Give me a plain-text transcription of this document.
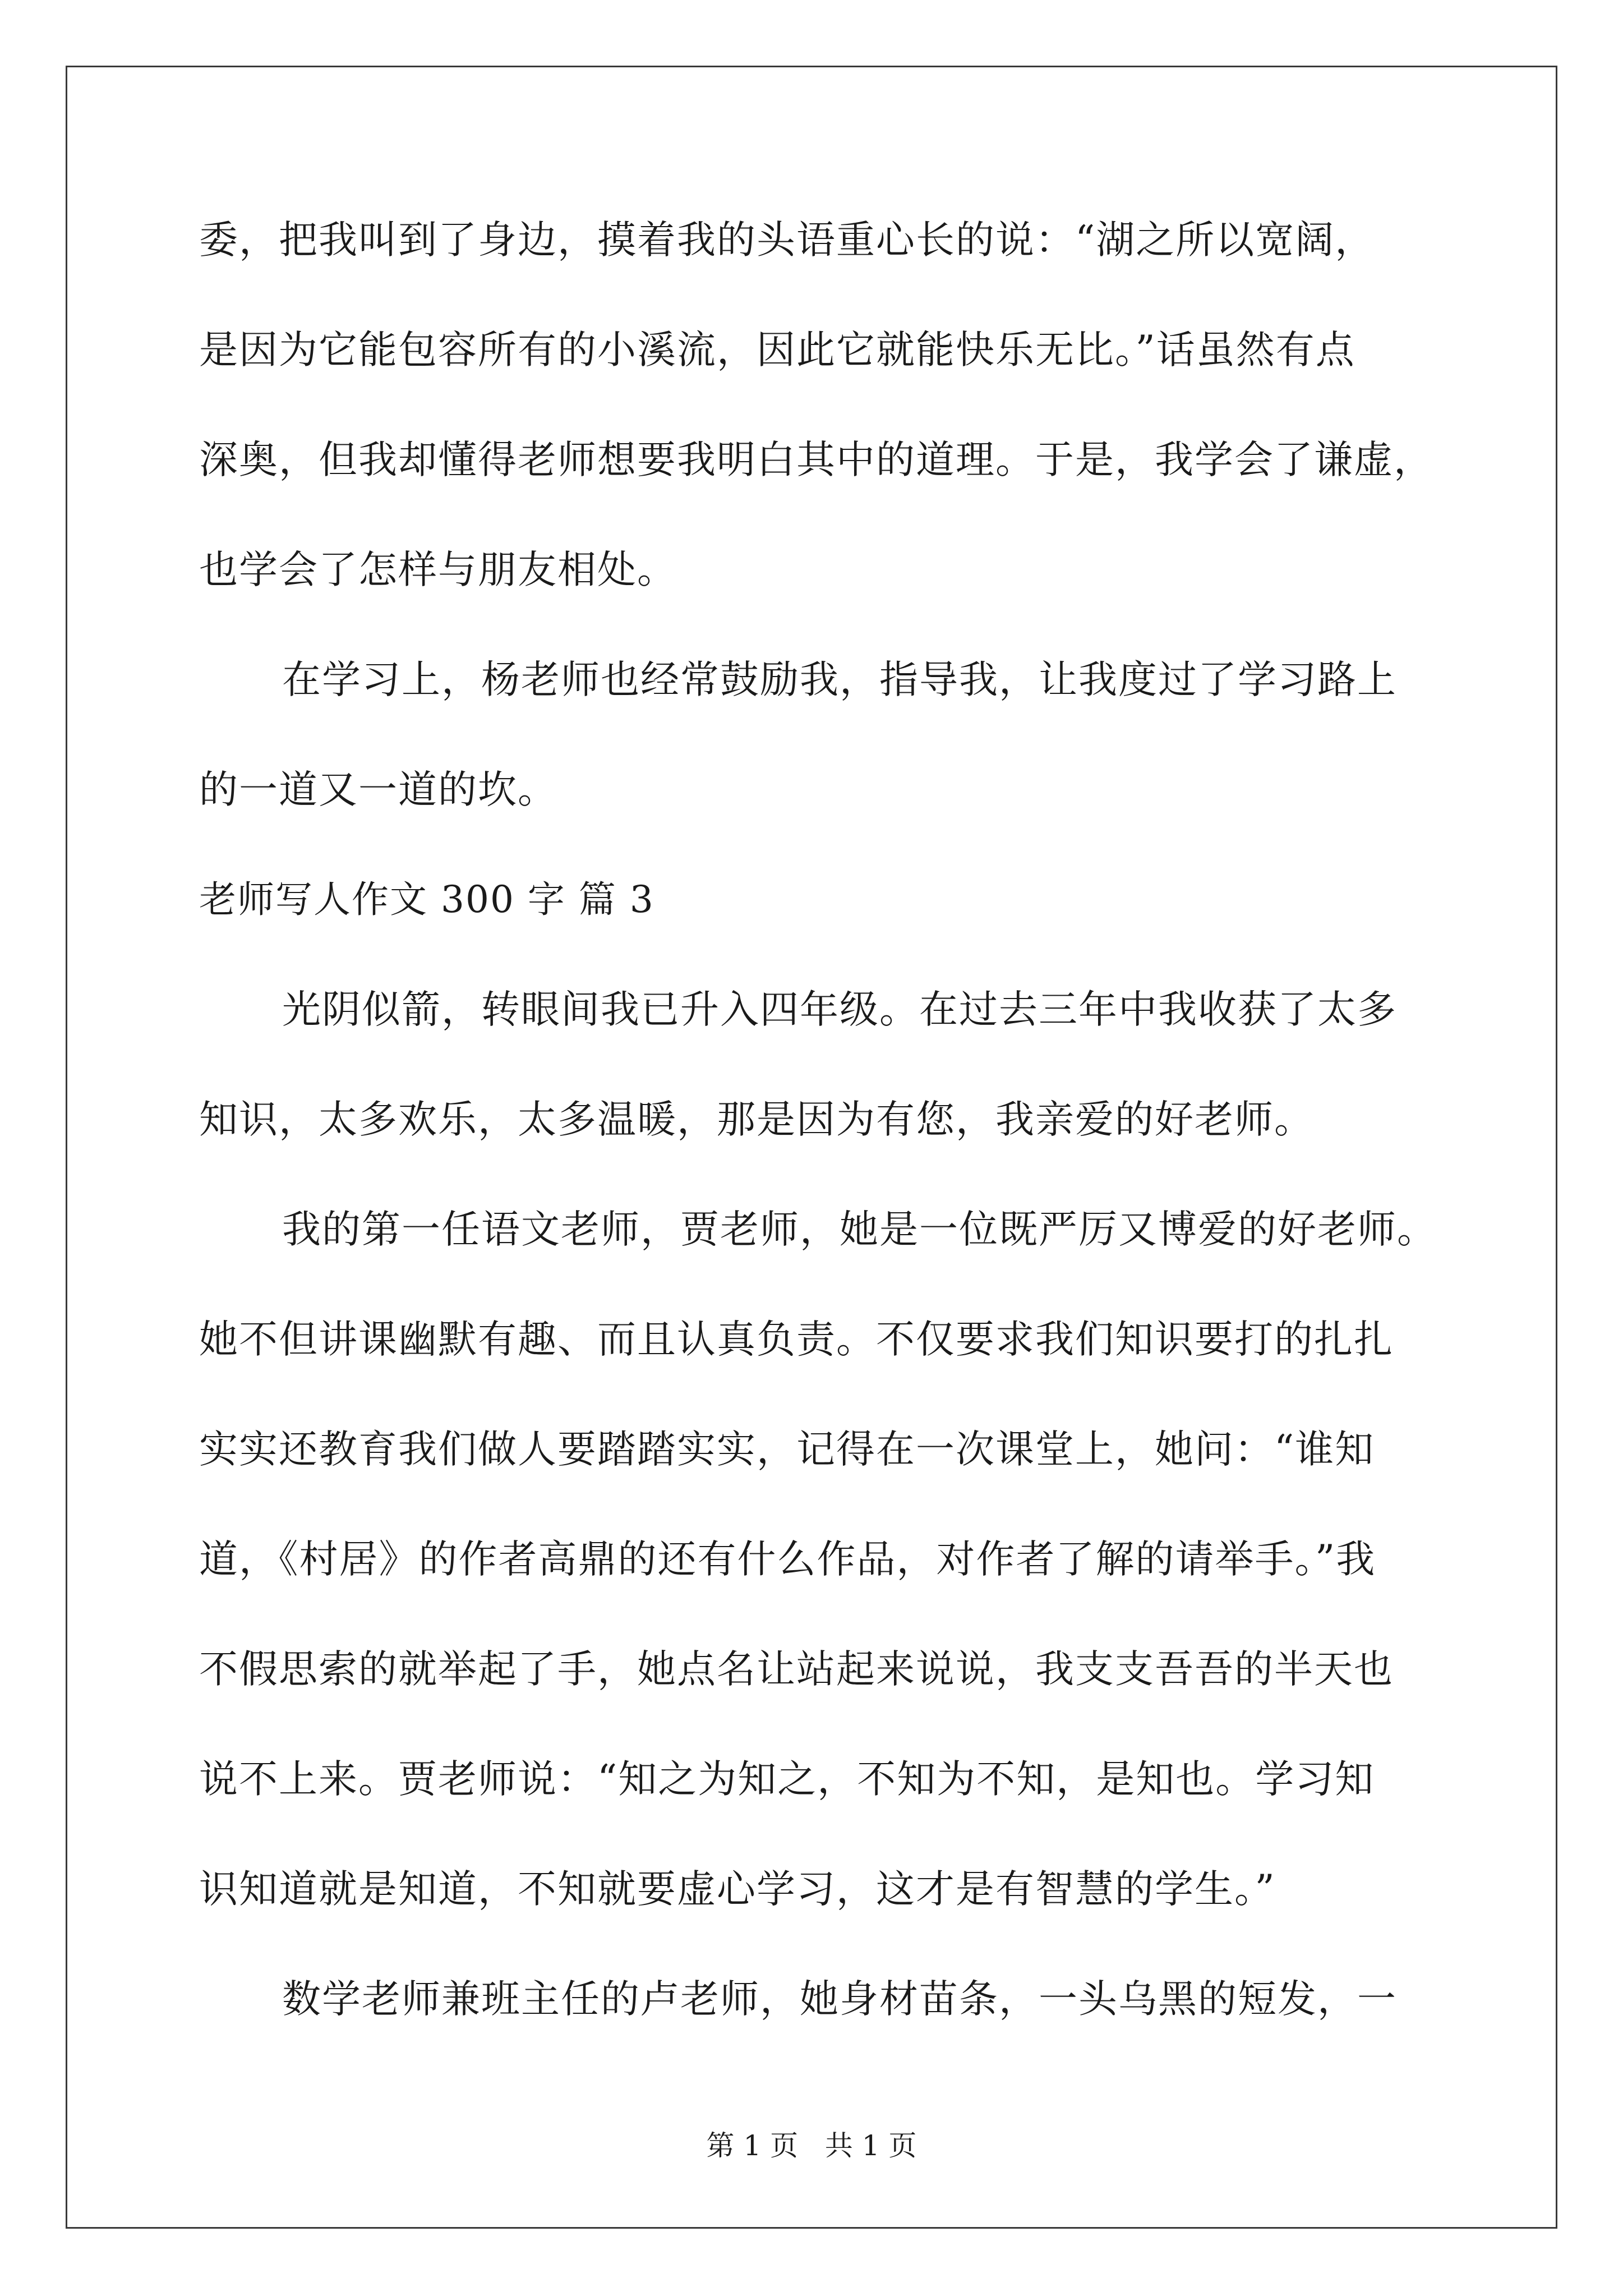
委，把我叫到了身边，摸着我的头语重心长的说：“湖之所以宽阔，
是因为它能包容所有的小溪流，因此它就能快乐无比。”话虽然有点
深奥，但我却懂得老师想要我明白其中的道理。于是，我学会了谦虚，
也学会了怎样与朋友相处。
在学习上，杨老师也经常鼓励我，指导我，让我度过了学习路上
的一道又一道的坎。
老师写人作文 300 字 篇 3
光阴似箭，转眼间我已升入四年级。在过去三年中我收获了太多
知识，太多欢乐，太多温暖，那是因为有您，我亲爱的好老师。
我的第一任语文老师，贾老师，她是一位既严厉又博爱的好老师。
她不但讲课幽默有趣、而且认真负责。不仅要求我们知识要打的扎扎
实实还教育我们做人要踏踏实实，记得在一次课堂上，她问：“谁知
道，《村居》的作者高鼎的还有什么作品，对作者了解的请举手。”我
不假思索的就举起了手，她点名让站起来说说，我支支吾吾的半天也
说不上来。贾老师说：“知之为知之，不知为不知，是知也。学习知
识知道就是知道，不知就要虚心学习，这才是有智慧的学生。”
数学老师兼班主任的卢老师，她身材苗条，一头乌黑的短发，一
第 1 页   共 1 页
